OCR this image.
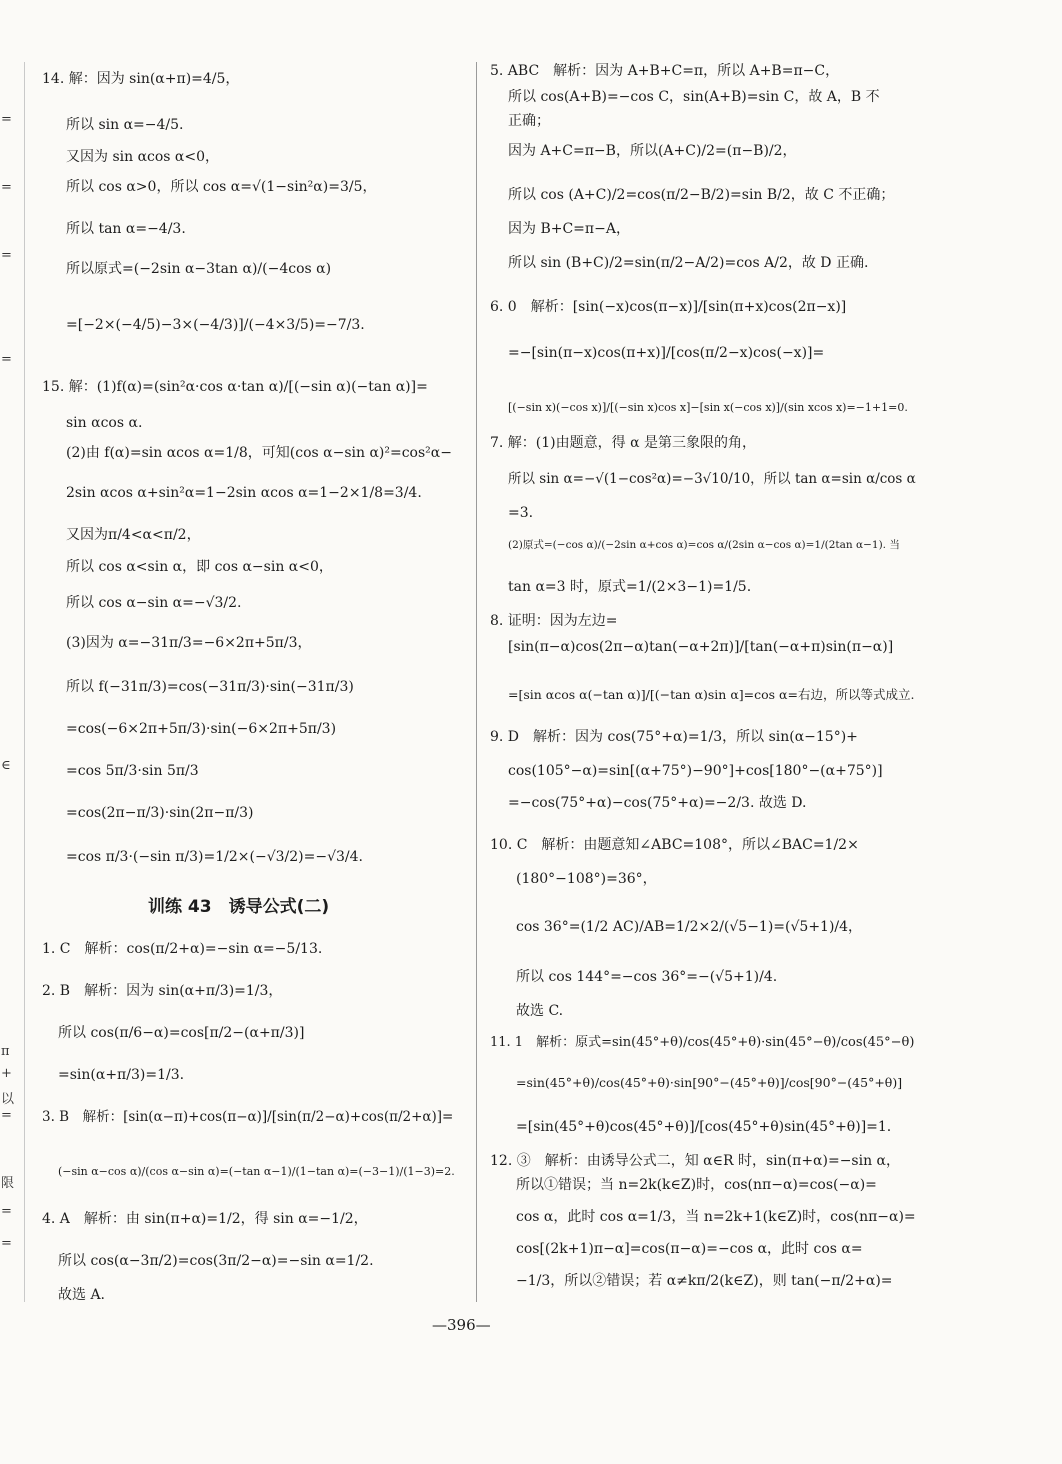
=
=
=
=
∈
π
+
以
=
限
=
=
训练 43　诱导公式(二)
14. 解：因为 sin(α+π)=4/5，
所以 sin α=−4/5.
又因为 sin αcos α<0，
所以 cos α>0，所以 cos α=√(1−sin²α)=3/5，
所以 tan α=−4/3.
所以原式=(−2sin α−3tan α)/(−4cos α)
=[−2×(−4/5)−3×(−4/3)]/(−4×3/5)=−7/3.
15. 解：(1)f(α)=(sin²α·cos α·tan α)/[(−sin α)(−tan α)]=
sin αcos α.
(2)由 f(α)=sin αcos α=1/8，可知(cos α−sin α)²=cos²α−
2sin αcos α+sin²α=1−2sin αcos α=1−2×1/8=3/4.
又因为π/4<α<π/2，
所以 cos α<sin α，即 cos α−sin α<0，
所以 cos α−sin α=−√3/2.
(3)因为 α=−31π/3=−6×2π+5π/3，
所以 f(−31π/3)=cos(−31π/3)·sin(−31π/3)
=cos(−6×2π+5π/3)·sin(−6×2π+5π/3)
=cos 5π/3·sin 5π/3
=cos(2π−π/3)·sin(2π−π/3)
=cos π/3·(−sin π/3)=1/2×(−√3/2)=−√3/4.
1. C　解析：cos(π/2+α)=−sin α=−5/13.
2. B　解析：因为 sin(α+π/3)=1/3，
所以 cos(π/6−α)=cos[π/2−(α+π/3)]
=sin(α+π/3)=1/3.
3. B　解析：[sin(α−π)+cos(π−α)]/[sin(π/2−α)+cos(π/2+α)]=
(−sin α−cos α)/(cos α−sin α)=(−tan α−1)/(1−tan α)=(−3−1)/(1−3)=2.
4. A　解析：由 sin(π+α)=1/2，得 sin α=−1/2，
所以 cos(α−3π/2)=cos(3π/2−α)=−sin α=1/2.
故选 A.
5. ABC　解析：因为 A+B+C=π，所以 A+B=π−C，
所以 cos(A+B)=−cos C，sin(A+B)=sin C，故 A，B 不
正确；
因为 A+C=π−B，所以(A+C)/2=(π−B)/2，
所以 cos (A+C)/2=cos(π/2−B/2)=sin B/2，故 C 不正确；
因为 B+C=π−A，
所以 sin (B+C)/2=sin(π/2−A/2)=cos A/2，故 D 正确.
6. 0　解析：[sin(−x)cos(π−x)]/[sin(π+x)cos(2π−x)]
=−[sin(π−x)cos(π+x)]/[cos(π/2−x)cos(−x)]=
[(−sin x)(−cos x)]/[(−sin x)cos x]−[sin x(−cos x)]/(sin xcos x)=−1+1=0.
7. 解：(1)由题意，得 α 是第三象限的角，
所以 sin α=−√(1−cos²α)=−3√10/10，所以 tan α=sin α/cos α
=3.
(2)原式=(−cos α)/(−2sin α+cos α)=cos α/(2sin α−cos α)=1/(2tan α−1). 当
tan α=3 时，原式=1/(2×3−1)=1/5.
8. 证明：因为左边=
[sin(π−α)cos(2π−α)tan(−α+2π)]/[tan(−α+π)sin(π−α)]
=[sin αcos α(−tan α)]/[(−tan α)sin α]=cos α=右边，所以等式成立.
9. D　解析：因为 cos(75°+α)=1/3，所以 sin(α−15°)+
cos(105°−α)=sin[(α+75°)−90°]+cos[180°−(α+75°)]
=−cos(75°+α)−cos(75°+α)=−2/3. 故选 D.
10. C　解析：由题意知∠ABC=108°，所以∠BAC=1/2×
(180°−108°)=36°，
cos 36°=(1/2 AC)/AB=1/2×2/(√5−1)=(√5+1)/4，
所以 cos 144°=−cos 36°=−(√5+1)/4.
故选 C.
11. 1　解析：原式=sin(45°+θ)/cos(45°+θ)·sin(45°−θ)/cos(45°−θ)
=sin(45°+θ)/cos(45°+θ)·sin[90°−(45°+θ)]/cos[90°−(45°+θ)]
=[sin(45°+θ)cos(45°+θ)]/[cos(45°+θ)sin(45°+θ)]=1.
12. ③　解析：由诱导公式二，知 α∈R 时，sin(π+α)=−sin α，
所以①错误；当 n=2k(k∈Z)时，cos(nπ−α)=cos(−α)=
cos α，此时 cos α=1/3，当 n=2k+1(k∈Z)时，cos(nπ−α)=
cos[(2k+1)π−α]=cos(π−α)=−cos α，此时 cos α=
−1/3，所以②错误；若 α≠kπ/2(k∈Z)，则 tan(−π/2+α)=
—396—
